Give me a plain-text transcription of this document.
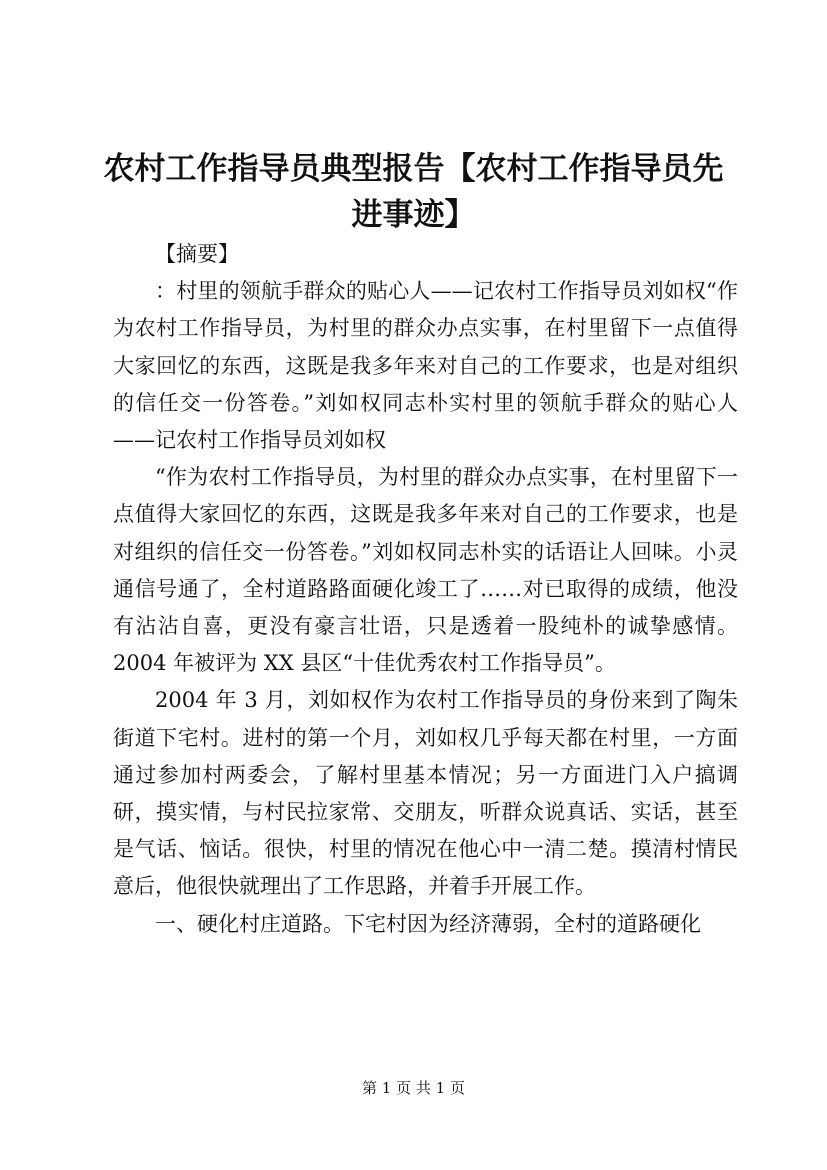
农村工作指导员典型报告【农村工作指导员先进事迹】

【摘要】

：村里的领航手群众的贴心人——记农村工作指导员刘如权“作为农村工作指导员，为村里的群众办点实事，在村里留下一点值得大家回忆的东西，这既是我多年来对自己的工作要求，也是对组织的信任交一份答卷。”刘如权同志朴实村里的领航手群众的贴心人——记农村工作指导员刘如权

“作为农村工作指导员，为村里的群众办点实事，在村里留下一点值得大家回忆的东西，这既是我多年来对自己的工作要求，也是对组织的信任交一份答卷。”刘如权同志朴实的话语让人回味。小灵通信号通了，全村道路路面硬化竣工了……对已取得的成绩，他没有沾沾自喜，更没有豪言壮语，只是透着一股纯朴的诚挚感情。2004 年被评为 XX 县区“十佳优秀农村工作指导员”。

2004 年 3 月，刘如权作为农村工作指导员的身份来到了陶朱街道下宅村。进村的第一个月，刘如权几乎每天都在村里，一方面通过参加村两委会，了解村里基本情况；另一方面进门入户搞调研，摸实情，与村民拉家常、交朋友，听群众说真话、实话，甚至是气话、恼话。很快，村里的情况在他心中一清二楚。摸清村情民意后，他很快就理出了工作思路，并着手开展工作。

一、硬化村庄道路。下宅村因为经济薄弱，全村的道路硬化

第 1 页 共 1 页
